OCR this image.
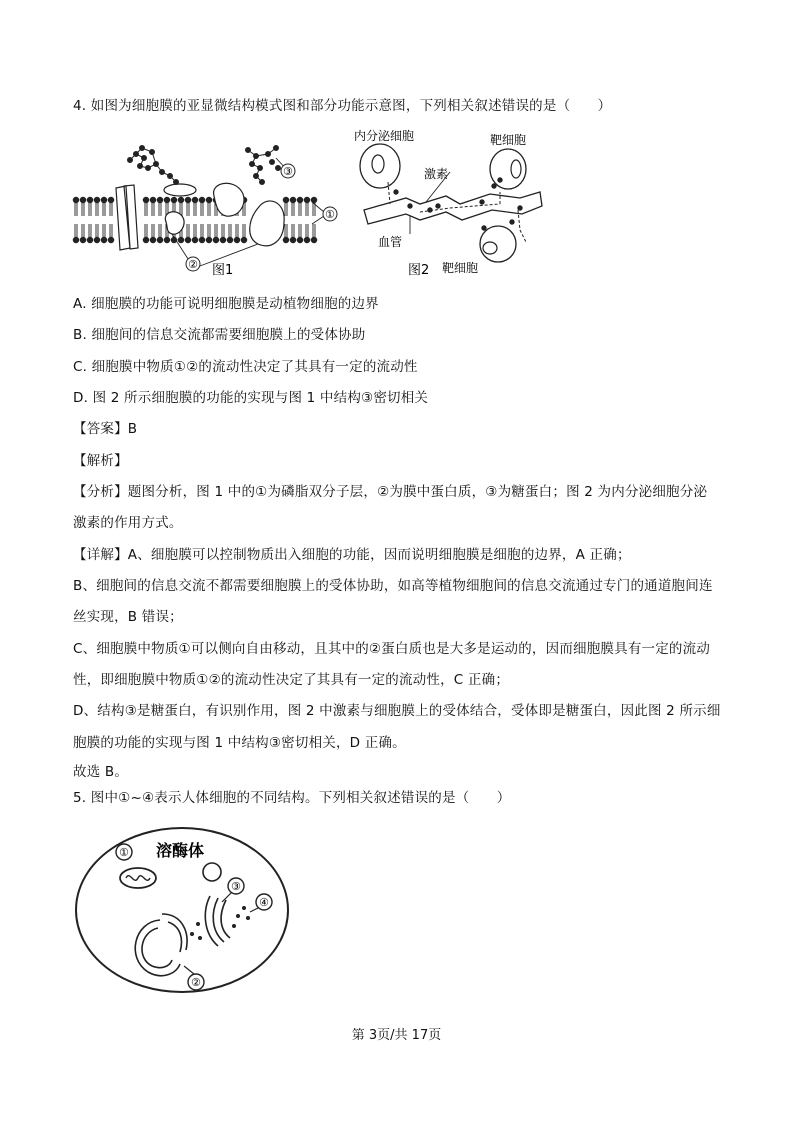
4. 如图为细胞膜的亚显微结构模式图和部分功能示意图，下列相关叙述错误的是（　　）
③
①
② 图1
内分泌细胞	靶细胞
激素
血管
靶细胞
图2
A. 细胞膜的功能可说明细胞膜是动植物细胞的边界
B. 细胞间的信息交流都需要细胞膜上的受体协助
C. 细胞膜中物质①②的流动性决定了其具有一定的流动性
D. 图 2 所示细胞膜的功能的实现与图 1 中结构③密切相关
【答案】B
【解析】
【分析】题图分析，图 1 中的①为磷脂双分子层，②为膜中蛋白质，③为糖蛋白；图 2 为内分泌细胞分泌
激素的作用方式。
【详解】A、细胞膜可以控制物质出入细胞的功能，因而说明细胞膜是细胞的边界，A 正确；
B、细胞间的信息交流不都需要细胞膜上的受体协助，如高等植物细胞间的信息交流通过专门的通道胞间连
丝实现，B 错误；
C、细胞膜中物质①可以侧向自由移动，且其中的②蛋白质也是大多是运动的，因而细胞膜具有一定的流动
性，即细胞膜中物质①②的流动性决定了其具有一定的流动性，C 正确；
D、结构③是糖蛋白，有识别作用，图 2 中激素与细胞膜上的受体结合，受体即是糖蛋白，因此图 2 所示细
胞膜的功能的实现与图 1 中结构③密切相关，D 正确。
故选 B。
5. 图中①~④表示人体细胞的不同结构。下列相关叙述错误的是（　　）
①
③
④
②
溶酶体
第 3页/共 17页
